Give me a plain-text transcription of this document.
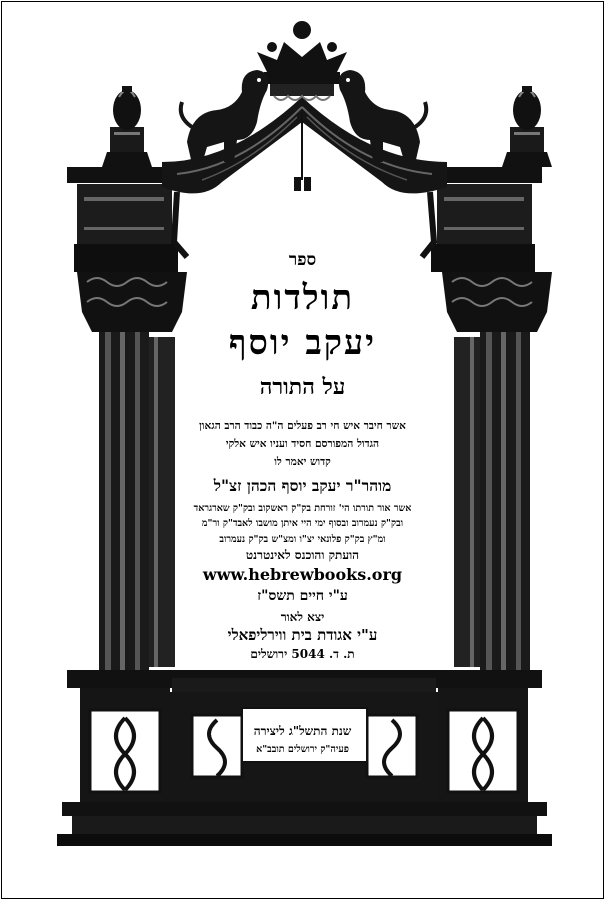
ספר
תולדות
יעקב יוסף
על התורה
אשר חיבר איש חי רב פעלים ה"ה כבוד הרב הגאון
הגדול המפורסם חסיד ועניו איש אלקי
קדוש יאמר לו
מוהר"ר יעקב יוסף הכהן זצ"ל
אשר אור תורתו הי' זורחת בק"ק ראשקוב ובק"ק שארגראד
ובק"ק נעמרוב ובסוף ימי היי איתן מושבו לאבד"ק ור"מ
ומ"ץ בק"ק פלונאי יצ"ו ומצ"ש בק"ק נעמרוב
הועתק והוכנס לאינטרנט
www.hebrewbooks.org
ע"י חיים תשס"ז
יצא לאור
ע"י אגודת בית ווירליפאלי
ת. ד. 5044 ירושלים
שנת התשל"ג ליצירה
פעיה"ק ירושלים תובב"א
